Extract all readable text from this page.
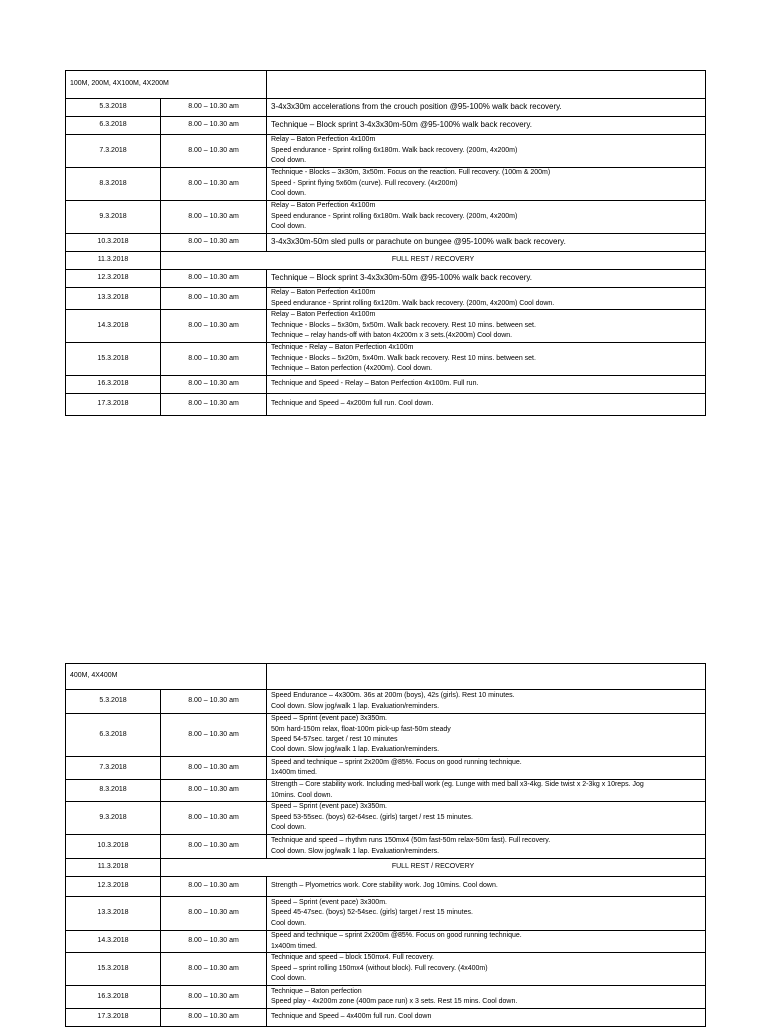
100M, 200M, 4X100M, 4X200M		
5.3.2018	8.00 – 10.30 am	3-4x3x30m accelerations from the crouch position @95-100% walk back recovery.

6.3.2018	8.00 – 10.30 am	Technique – Block sprint 3-4x3x30m-50m @95-100% walk back recovery.

7.3.2018	8.00 – 10.30 am	Relay – Baton Perfection 4x100m
Speed endurance - Sprint rolling 6x180m. Walk back recovery. (200m, 4x200m)
Cool down.

8.3.2018	8.00 – 10.30 am	Technique - Blocks – 3x30m, 3x50m. Focus on the reaction. Full recovery. (100m & 200m)
Speed - Sprint flying 5x60m (curve). Full recovery. (4x200m)
Cool down.

9.3.2018	8.00 – 10.30 am	Relay – Baton Perfection 4x100m
Speed endurance - Sprint rolling 6x180m. Walk back recovery. (200m, 4x200m)
Cool down.

10.3.2018	8.00 – 10.30 am	3-4x3x30m-50m sled pulls or parachute on bungee @95-100% walk back recovery.

11.3.2018	FULL REST / RECOVERY	
12.3.2018	8.00 – 10.30 am	Technique – Block sprint 3-4x3x30m-50m @95-100% walk back recovery.

13.3.2018	8.00 – 10.30 am	Relay – Baton Perfection 4x100m
Speed endurance - Sprint rolling 6x120m. Walk back recovery. (200m, 4x200m) Cool down.

14.3.2018	8.00 – 10.30 am	Relay – Baton Perfection 4x100m
Technique - Blocks – 5x30m, 5x50m. Walk back recovery. Rest 10 mins. between set.
Technique – relay hands-off with baton 4x200m x 3 sets.(4x200m) Cool down.

15.3.2018	8.00 – 10.30 am	Technique - Relay – Baton Perfection 4x100m
Technique - Blocks – 5x20m, 5x40m. Walk back recovery. Rest 10 mins. between set.
Technique – Baton perfection (4x200m). Cool down.

16.3.2018	8.00 – 10.30 am	Technique and Speed - Relay – Baton Perfection 4x100m. Full run.

17.3.2018	8.00 – 10.30 am	Technique and Speed – 4x200m full run. Cool down.
400M, 4X400M		
5.3.2018	8.00 – 10.30 am	Speed Endurance – 4x300m. 36s at 200m (boys), 42s (girls). Rest 10 minutes.
Cool down. Slow jog/walk 1 lap. Evaluation/reminders.

6.3.2018	8.00 – 10.30 am	Speed – Sprint (event pace) 3x350m.
50m hard-150m relax, float-100m pick-up fast-50m steady
Speed 54-57sec. target / rest 10 minutes
Cool down. Slow jog/walk 1 lap. Evaluation/reminders.

7.3.2018	8.00 – 10.30 am	Speed and technique – sprint 2x200m @85%. Focus on good running technique.
1x400m timed.

8.3.2018	8.00 – 10.30 am	Strength – Core stability work. Including med-ball work (eg. Lunge with med ball x3-4kg. Side twist x 2-3kg x 10reps. Jog
10mins. Cool down.

9.3.2018	8.00 – 10.30 am	Speed – Sprint (event pace) 3x350m.
Speed 53-55sec. (boys) 62-64sec. (girls) target / rest 15 minutes.
Cool down.

10.3.2018	8.00 – 10.30 am	Technique and speed – rhythm runs 150mx4 (50m fast-50m relax-50m fast). Full recovery.
Cool down. Slow jog/walk 1 lap. Evaluation/reminders.

11.3.2018	FULL REST / RECOVERY	
12.3.2018	8.00 – 10.30 am	Strength – Plyometrics work. Core stability work. Jog 10mins. Cool down.

13.3.2018	8.00 – 10.30 am	Speed – Sprint (event pace) 3x300m.
Speed 45-47sec. (boys) 52-54sec. (girls) target / rest 15 minutes.
Cool down.

14.3.2018	8.00 – 10.30 am	Speed and technique – sprint 2x200m @85%. Focus on good running technique.
1x400m timed.

15.3.2018	8.00 – 10.30 am	Technique and speed – block 150mx4. Full recovery.
Speed – sprint rolling 150mx4 (without block). Full recovery. (4x400m)
Cool down.

16.3.2018	8.00 – 10.30 am	Technique – Baton perfection
Speed play - 4x200m zone (400m pace run) x 3 sets. Rest 15 mins. Cool down.

17.3.2018	8.00 – 10.30 am	Technique and Speed – 4x400m full run. Cool down
